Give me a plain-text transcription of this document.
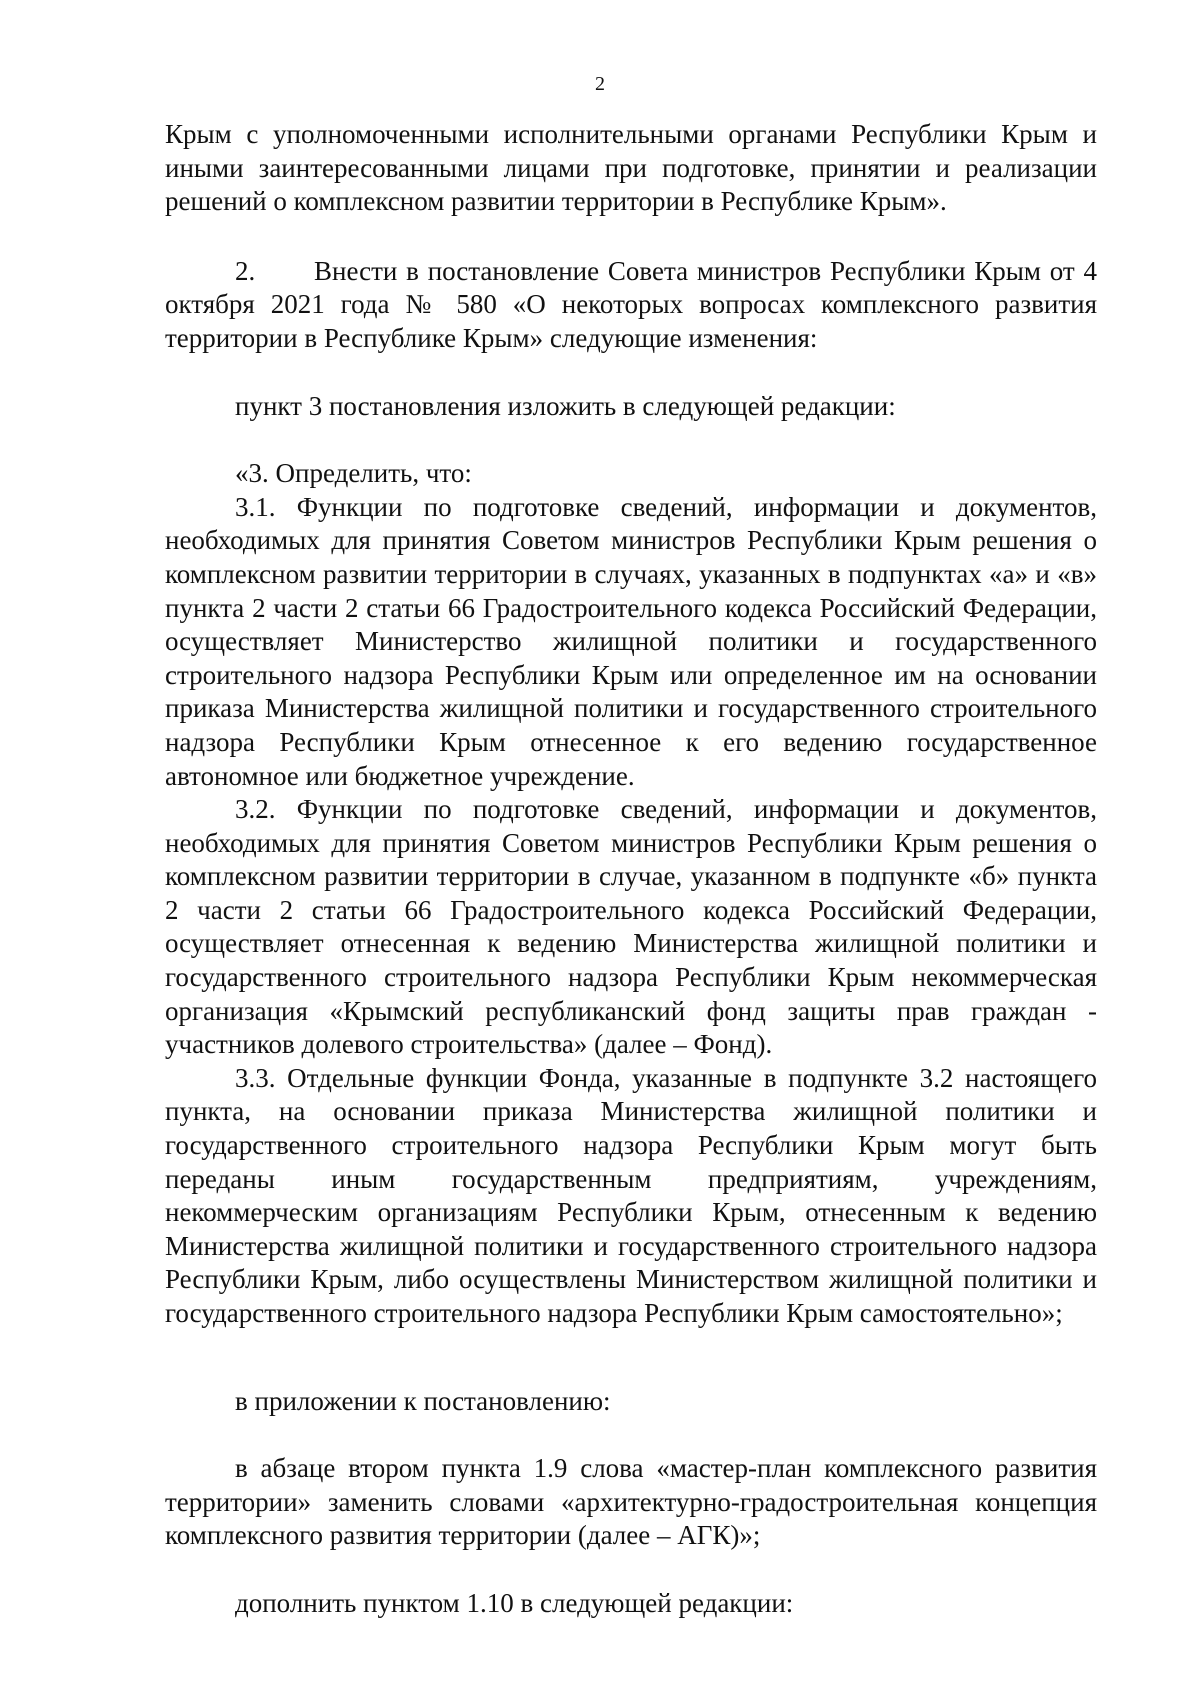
2

Крым с уполномоченными исполнительными органами Республики Крым и иными заинтересованными лицами при подготовке, принятии и реализации решений о комплексном развитии территории в Республике Крым».

2. Внести в постановление Совета министров Республики Крым от 4 октября 2021 года № 580 «О некоторых вопросах комплексного развития территории в Республике Крым» следующие изменения:

пункт 3 постановления изложить в следующей редакции:

«3. Определить, что:

3.1. Функции по подготовке сведений, информации и документов, необходимых для принятия Советом министров Республики Крым решения о комплексном развитии территории в случаях, указанных в подпунктах «а» и «в» пункта 2 части 2 статьи 66 Градостроительного кодекса Российский Федерации, осуществляет Министерство жилищной политики и государственного строительного надзора Республики Крым или определенное им на основании приказа Министерства жилищной политики и государственного строительного надзора Республики Крым отнесенное к его ведению государственное автономное или бюджетное учреждение.

3.2. Функции по подготовке сведений, информации и документов, необходимых для принятия Советом министров Республики Крым решения о комплексном развитии территории в случае, указанном в подпункте «б» пункта 2 части 2 статьи 66 Градостроительного кодекса Российский Федерации, осуществляет отнесенная к ведению Министерства жилищной политики и государственного строительного надзора Республики Крым некоммерческая организация «Крымский республиканский фонд защиты прав граждан - участников долевого строительства» (далее – Фонд).

3.3. Отдельные функции Фонда, указанные в подпункте 3.2 настоящего пункта, на основании приказа Министерства жилищной политики и государственного строительного надзора Республики Крым могут быть переданы иным государственным предприятиям, учреждениям, некоммерческим организациям Республики Крым, отнесенным к ведению Министерства жилищной политики и государственного строительного надзора Республики Крым, либо осуществлены Министерством жилищной политики и государственного строительного надзора Республики Крым самостоятельно»;

в приложении к постановлению:

в абзаце втором пункта 1.9 слова «мастер-план комплексного развития территории» заменить словами «архитектурно-градостроительная концепция комплексного развития территории (далее – АГК)»;

дополнить пунктом 1.10 в следующей редакции:
